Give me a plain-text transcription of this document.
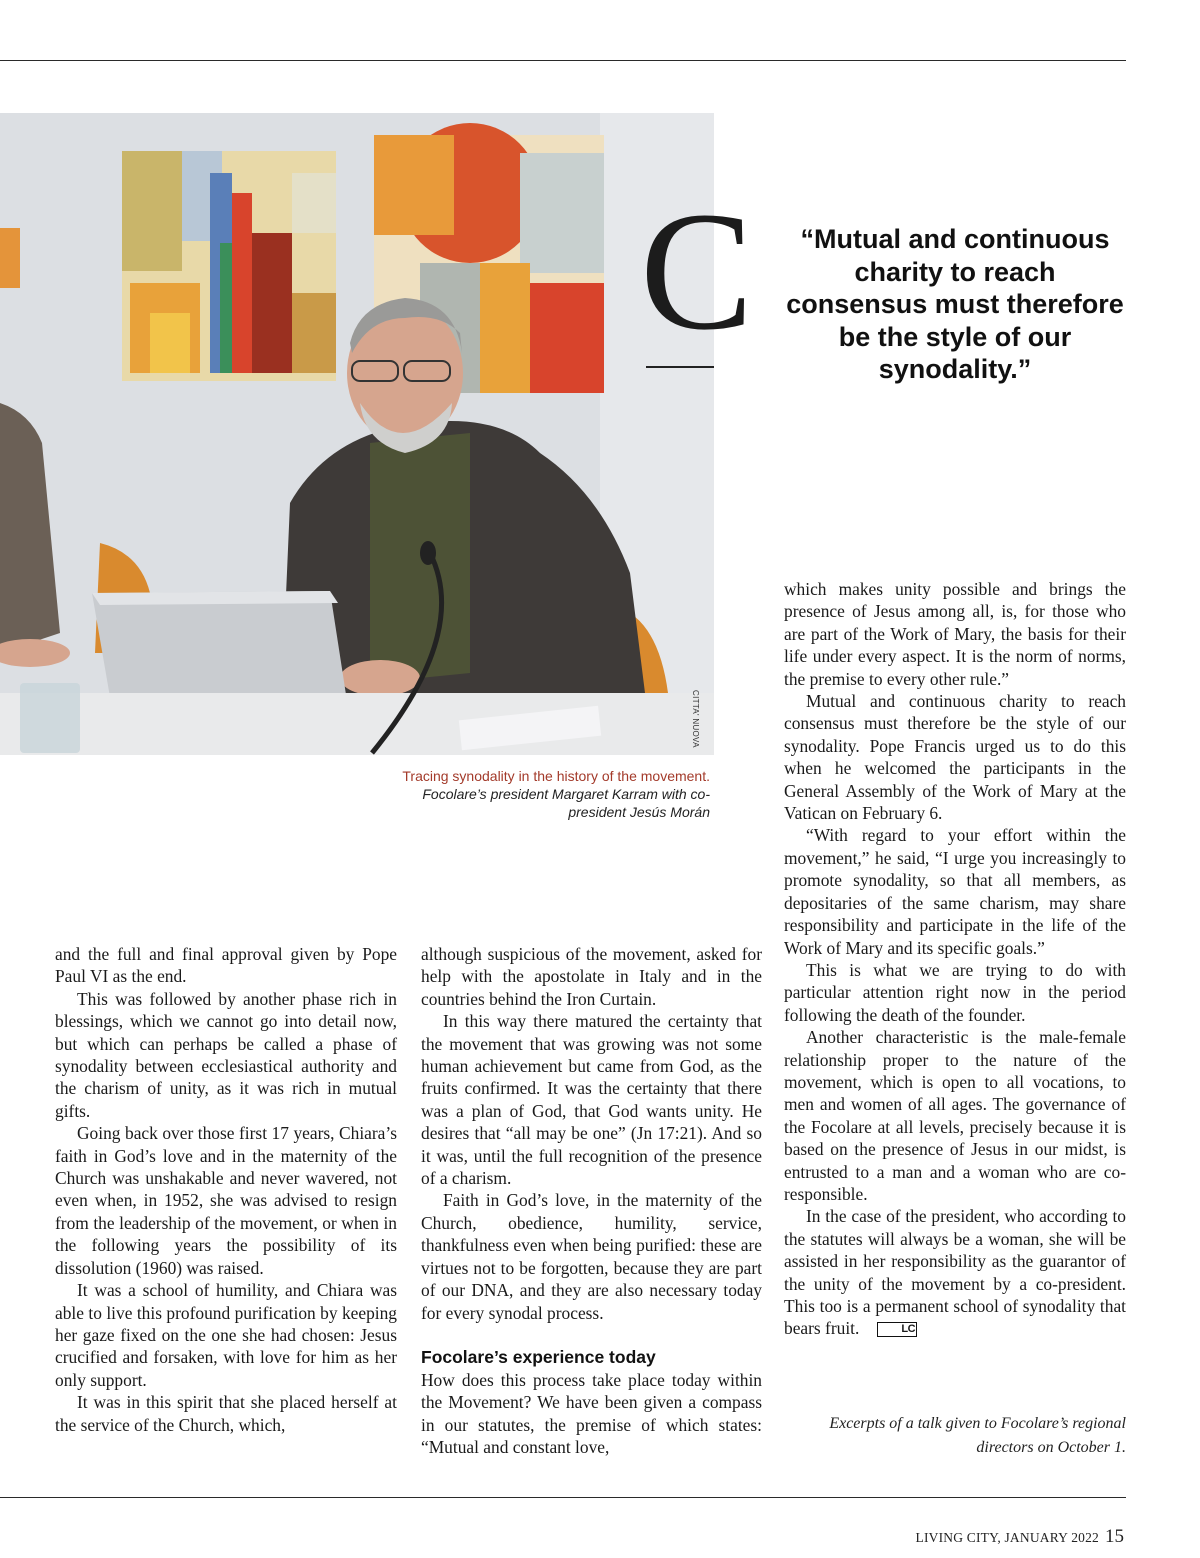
C
CITTA' NUOVA
Tracing synodality in the history of the movement. Focolare’s president Margaret Karram with co-president Jesús Morán

“Mutual and continuous charity to reach consensus must therefore be the style of our synodality.”

and the full and final approval given by Pope Paul VI as the end.

This was followed by another phase rich in blessings, which we cannot go into detail now, but which can perhaps be called a phase of synodality between ecclesiastical authority and the charism of unity, as it was rich in mutual gifts.

Going back over those first 17 years, Chiara’s faith in God’s love and in the maternity of the Church was unshakable and never wavered, not even when, in 1952, she was advised to resign from the leadership of the movement, or when in the following years the possibility of its dissolution (1960) was raised.

It was a school of humility, and Chiara was able to live this profound purification by keeping her gaze fixed on the one she had chosen: Jesus crucified and forsaken, with love for him as her only support.

It was in this spirit that she placed herself at the service of the Church, which,

although suspicious of the movement, asked for help with the apostolate in Italy and in the countries behind the Iron Curtain.

In this way there matured the certainty that the movement that was growing was not some human achievement but came from God, as the fruits confirmed. It was the certainty that there was a plan of God, that God wants unity. He desires that “all may be one” (Jn 17:21). And so it was, until the full recognition of the presence of a charism.

Faith in God’s love, in the maternity of the Church, obedience, humility, service, thankfulness even when being purified: these are virtues not to be forgotten, because they are part of our DNA, and they are also necessary today for every synodal process.

Focolare’s experience today

How does this process take place today within the Movement? We have been given a compass in our statutes, the premise of which states: “Mutual and constant love,

which makes unity possible and brings the presence of Jesus among all, is, for those who are part of the Work of Mary, the basis for their life under every aspect. It is the norm of norms, the premise to every other rule.”

Mutual and continuous charity to reach consensus must therefore be the style of our synodality. Pope Francis urged us to do this when he welcomed the participants in the General Assembly of the Work of Mary at the Vatican on February 6.

“With regard to your effort within the movement,” he said, “I urge you increasingly to promote synodality, so that all members, as depositaries of the same charism, may share responsibility and participate in the life of the Work of Mary and its specific goals.”

This is what we are trying to do with particular attention right now in the period following the death of the founder.

Another characteristic is the male-female relationship proper to the nature of the movement, which is open to all vocations, to men and women of all ages. The governance of the Focolare at all levels, precisely because it is based on the presence of Jesus in our midst, is entrusted to a man and a woman who are co-responsible.

In the case of the president, who according to the statutes will always be a woman, she will be assisted in her responsibility as the guarantor of the unity of the movement by a co-president. This too is a permanent school of synodality that bears fruit.	LC

Excerpts of a talk given to Focolare’s regional directors on October 1.
LIVING CITY, JANUARY 2022 15
